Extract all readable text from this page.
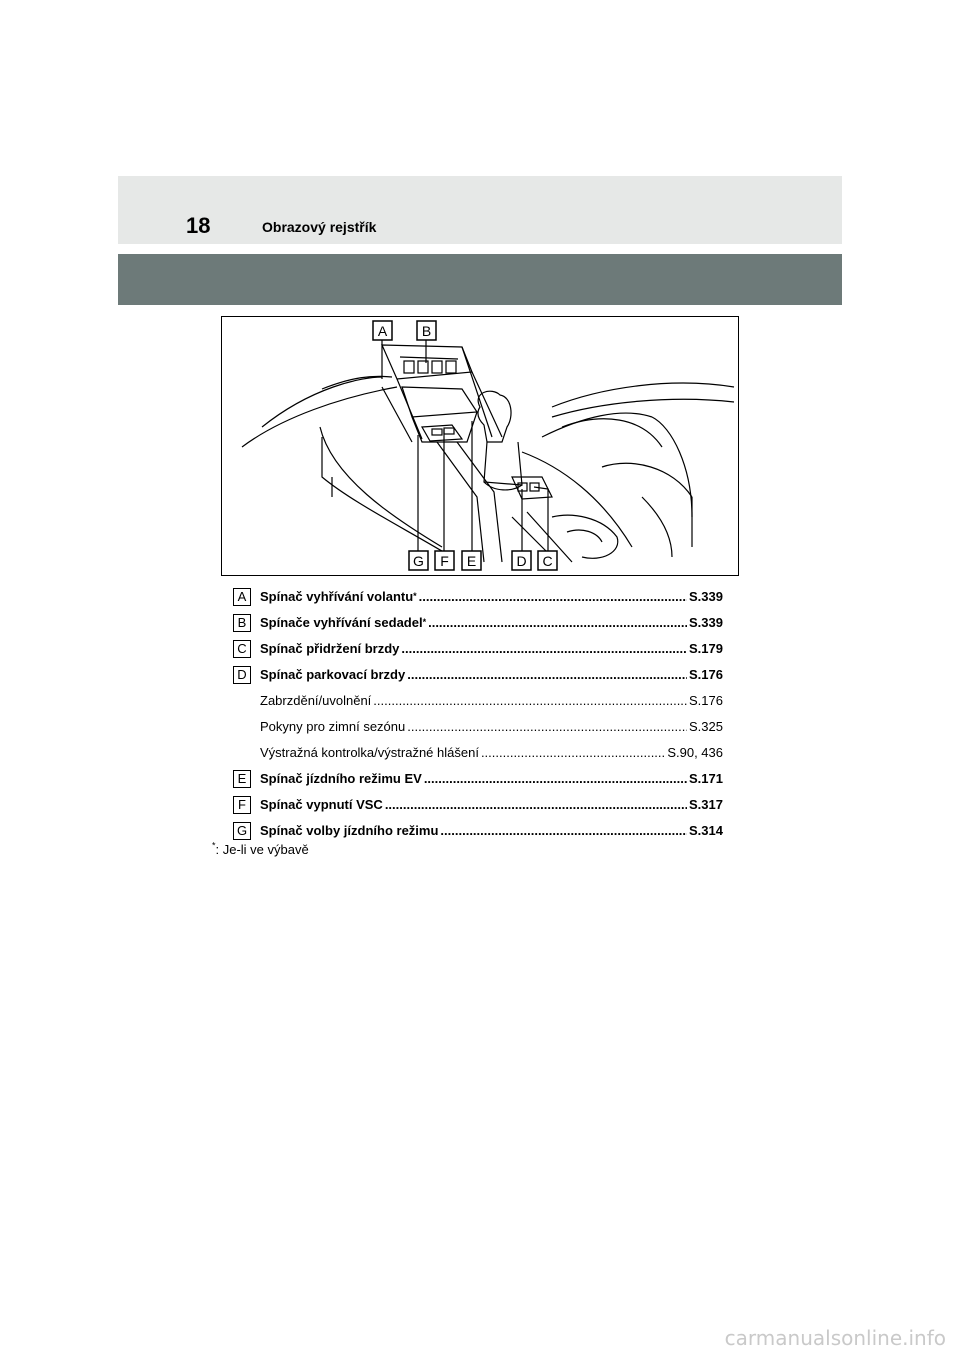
18	Obrazový rejstřík
A B
G F E	D C
A	Spínač vyhřívání volantu * .....	S.339
B	Spínače vyhřívání sedadel * .....	S.339
C	Spínač přidržení brzdy .....	S.179
D	Spínač parkovací brzdy .....	S.176
Zabrzdění/uvolnění .....	S.176
Pokyny pro zimní sezónu .....	S.325
Výstražná kontrolka/výstražné hlášení .....	S.90, 436
E	Spínač jízdního režimu EV .....	S.171
F	Spínač vypnutí VSC .....	S.317
G Spínač volby jízdního režimu .....	S.314
*: Je-li ve výbavě
carmanualsonline.info
